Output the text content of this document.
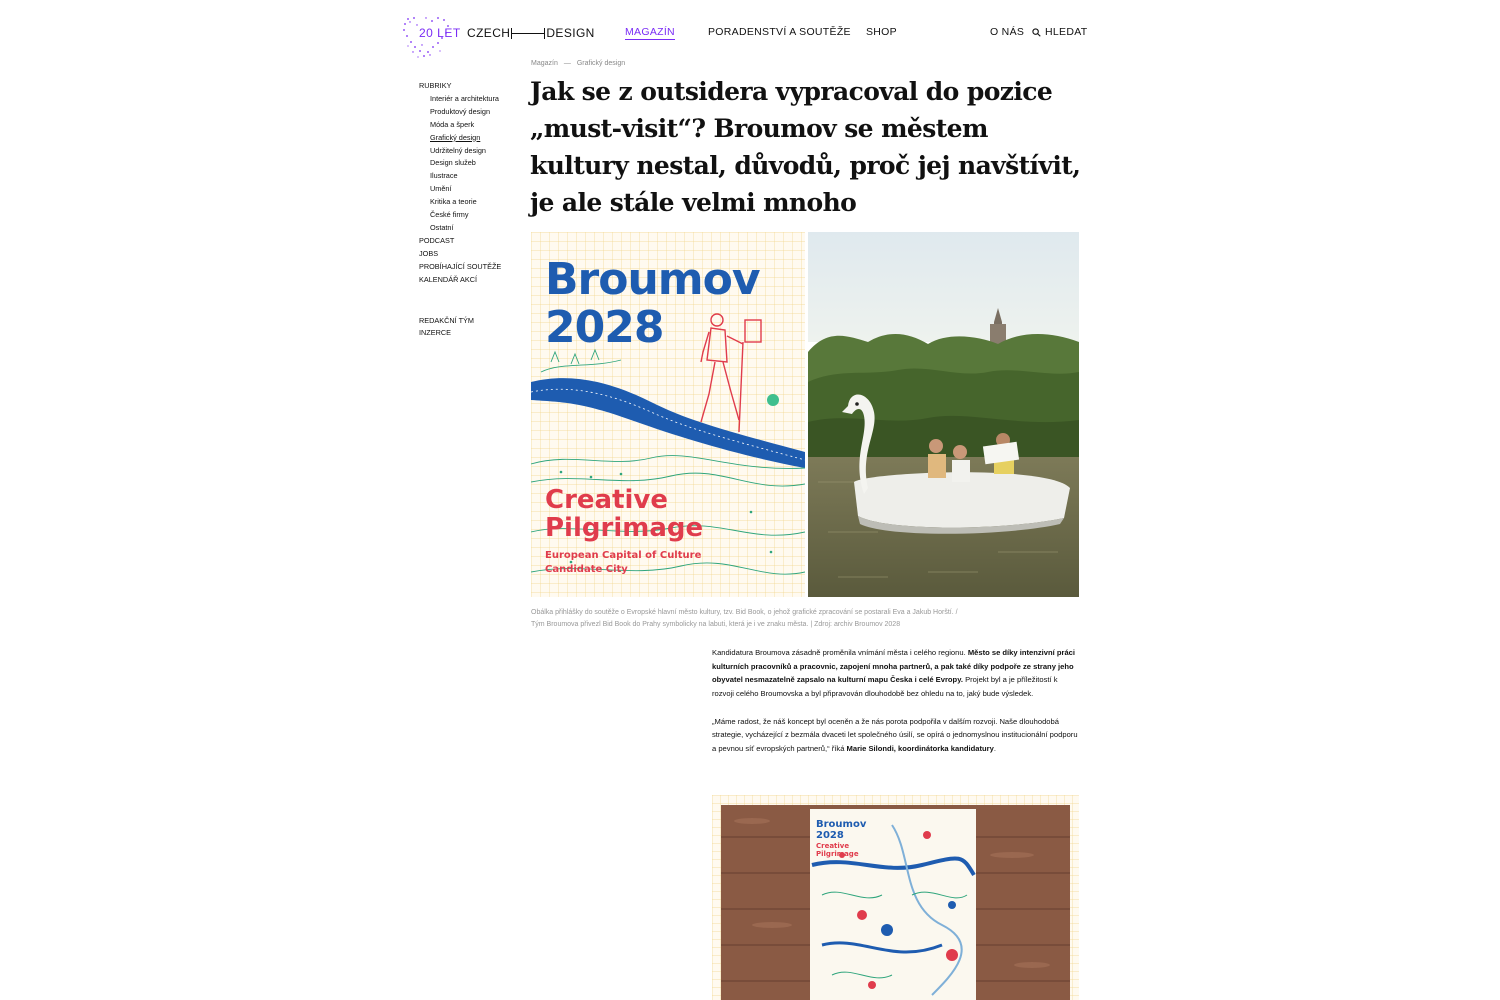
20 LET CZECH	DESIGN	MAGAZÍN	PORADENSTVÍ A SOUTĚŽE SHOP	O NÁS HLEDAT
Magazín — Grafický design
RUBRIKY
Interiér a architektura
Produktový design
Móda a šperk
Grafický design
Udržitelný design
Design služeb
Ilustrace
Umění
Kritika a teorie
České firmy
Ostatní
PODCAST
JOBS
PROBÍHAJÍCÍ SOUTĚŽE
KALENDÁŘ AKCÍ
REDAKČNÍ TÝM
INZERCE
Jak se z outsidera vypracoval do pozice „must-visit“? Broumov se městem kultury nestal, důvodů, proč jej navštívit, je ale stále velmi mnoho
Broumov
2028
Creative
Pilgrimage
European Capital of Culture
Candidate City
Obálka přihlášky do soutěže o Evropské hlavní město kultury, tzv. Bid Book, o jehož grafické zpracování se postarali Eva a Jakub Horští. /
Tým Broumova přivezl Bid Book do Prahy symbolicky na labuti, která je i ve znaku města. | Zdroj: archiv Broumov 2028

Kandidatura Broumova zásadně proměnila vnímání města i celého regionu. Město se díky intenzivní práci kulturních pracovníků a pracovnic, zapojení mnoha partnerů, a pak také díky podpoře ze strany jeho obyvatel nesmazatelně zapsalo na kulturní mapu Česka i celé Evropy. Projekt byl a je příležitostí k rozvoji celého Broumovska a byl připravován dlouhodobě bez ohledu na to, jaký bude výsledek.

„Máme radost, že náš koncept byl oceněn a že nás porota podpořila v dalším rozvoji. Naše dlouhodobá strategie, vycházející z bezmála dvaceti let společného úsilí, se opírá o jednomyslnou institucionální podporu a pevnou síť evropských partnerů,“ říká Marie Silondi, koordinátorka kandidatury.

Broumov
2028
Creative
Pilgrimage
